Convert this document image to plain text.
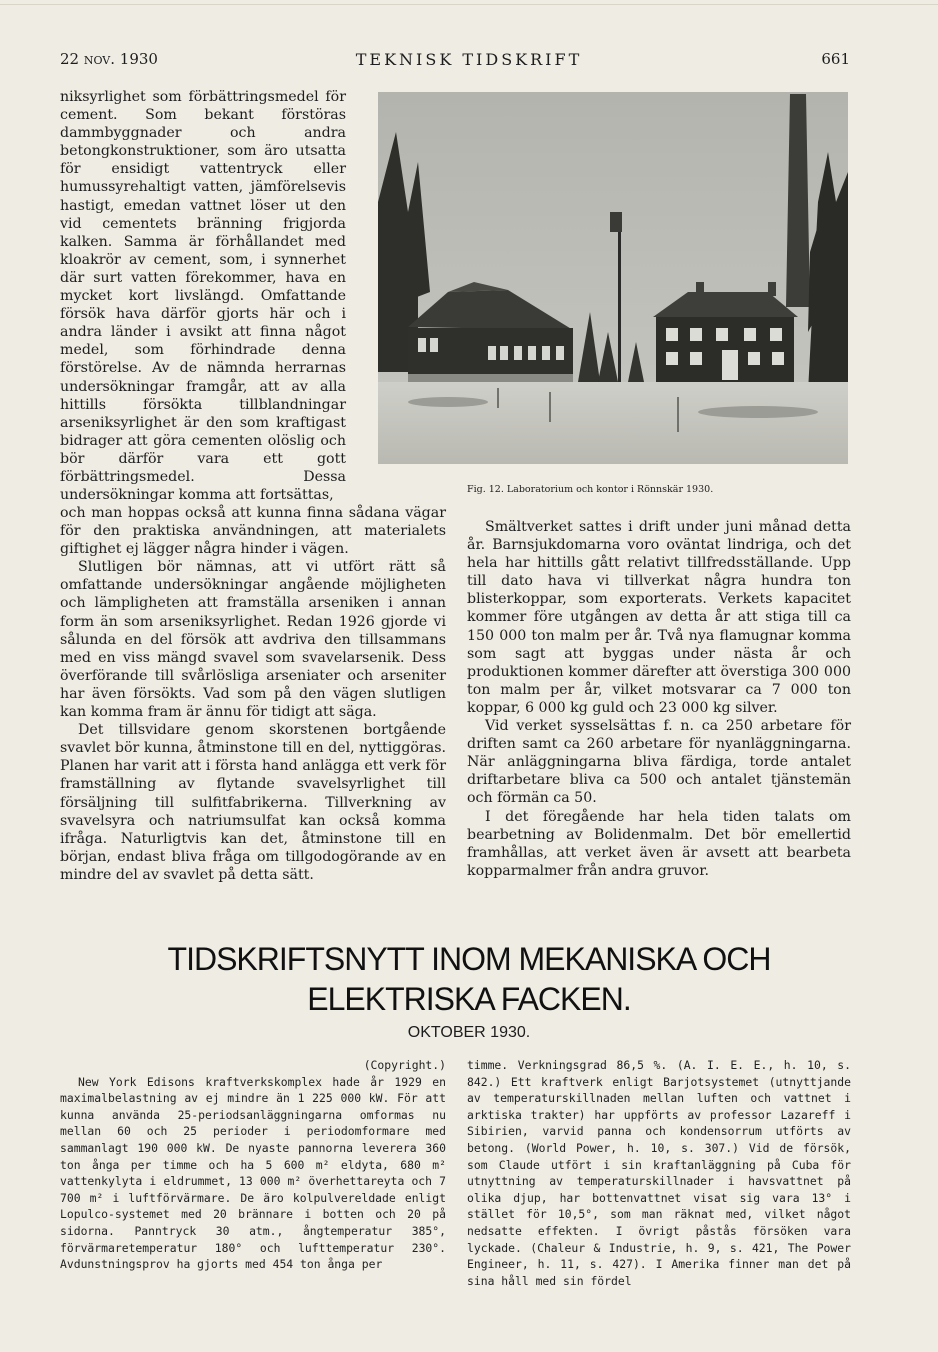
22 nov. 1930	TEKNISK TIDSKRIFT	661

niksyrlighet som förbättringsmedel för cement. Som bekant förstöras dammbyggnader och andra betongkonstruktioner, som äro utsatta för ensidigt vattentryck eller humussyrehaltigt vatten, jämförelsevis hastigt, emedan vattnet löser ut den vid cementets bränning frigjorda kalken. Samma är förhållandet med kloakrör av cement, som, i synnerhet där surt vatten förekommer, hava en mycket kort livslängd. Omfattande försök hava därför gjorts här och i andra länder i avsikt att finna något medel, som förhindrade denna förstörelse. Av de nämnda herrarnas undersökningar framgår, att av alla hittills försökta tillblandningar arseniksyrlighet är den som kraftigast bidrager att göra cementen olöslig och bör därför vara ett gott förbättringsmedel. Dessa undersökningar komma att fortsättas,	Fig. 12. Laboratorium och kontor i Rönnskär 1930.

och man hoppas också att kunna finna sådana vägar för den praktiska användningen, att materialets giftighet ej lägger några hinder i vägen.

Slutligen bör nämnas, att vi utfört rätt så omfattande undersökningar angående möjligheten och lämpligheten att framställa arseniken i annan form än som arseniksyrlighet. Redan 1926 gjorde vi sålunda en del försök att avdriva den tillsammans med en viss mängd svavel som svavelarsenik. Dess överförande till svårlösliga arseniater och arseniter har även försökts. Vad som på den vägen slutligen kan komma fram är ännu för tidigt att säga.

Det tillsvidare genom skorstenen bortgående svavlet bör kunna, åtminstone till en del, nyttiggöras. Planen har varit att i första hand anlägga ett verk för framställning av flytande svavelsyrlighet till försäljning till sulfitfabrikerna. Tillverkning av svavelsyra och natriumsulfat kan också komma ifråga. Naturligtvis kan det, åtminstone till en början, endast bliva fråga om tillgodogörande av en mindre del av svavlet på detta sätt.

Smältverket sattes i drift under juni månad detta år. Barnsjukdomarna voro oväntat lindriga, och det hela har hittills gått relativt tillfredsställande. Upp till dato hava vi tillverkat några hundra ton blisterkoppar, som exporterats. Verkets kapacitet kommer före utgången av detta år att stiga till ca 150 000 ton malm per år. Två nya flamugnar komma som sagt att byggas under nästa år och produktionen kommer därefter att överstiga 300 000 ton malm per år, vilket motsvarar ca 7 000 ton koppar, 6 000 kg guld och 23 000 kg silver.

Vid verket sysselsättas f. n. ca 250 arbetare för driften samt ca 260 arbetare för nyanläggningarna. När anläggningarna bliva färdiga, torde antalet driftarbetare bliva ca 500 och antalet tjänstemän och förmän ca 50.

I det föregående har hela tiden talats om bearbetning av Bolidenmalm. Det bör emellertid framhållas, att verket även är avsett att bearbeta kopparmalmer från andra gruvor.

TIDSKRIFTSNYTT INOM MEKANISKA OCH
ELEKTRISKA FACKEN.
OKTOBER 1930.

(Copyright.)

New York Edisons kraftverkskomplex hade år 1929 en maximalbelastning av ej mindre än 1 225 000 kW. För att kunna använda 25-periodsanläggningarna omformas nu mellan 60 och 25 perioder i periodomformare med sammanlagt 190 000 kW. De nyaste pannorna leverera 360 ton ånga per timme och ha 5 600 m² eldyta, 680 m² vattenkylyta i eldrummet, 13 000 m² överhettareyta och 7 700 m² i luftförvärmare. De äro kolpulvereldade enligt Lopulco-systemet med 20 brännare i botten och 20 på sidorna. Panntryck 30 atm., ångtemperatur 385°, förvärmaretemperatur 180° och lufttemperatur 230°. Avdunstningsprov ha gjorts med 454 ton ånga per

timme. Verkningsgrad 86,5 %. (A. I. E. E., h. 10, s. 842.) Ett kraftverk enligt Barjotsystemet (utnyttjande av temperaturskillnaden mellan luften och vattnet i arktiska trakter) har uppförts av professor Lazareff i Sibirien, varvid panna och kondensorrum utförts av betong. (World Power, h. 10, s. 307.) Vid de försök, som Claude utfört i sin kraftanläggning på Cuba för utnyttning av temperaturskillnader i havsvattnet på olika djup, har bottenvattnet visat sig vara 13° i stället för 10,5°, som man räknat med, vilket något nedsatte effekten. I övrigt påstås försöken vara lyckade. (Chaleur & Industrie, h. 9, s. 421, The Power Engineer, h. 11, s. 427). I Amerika finner man det på sina håll med sin fördel
